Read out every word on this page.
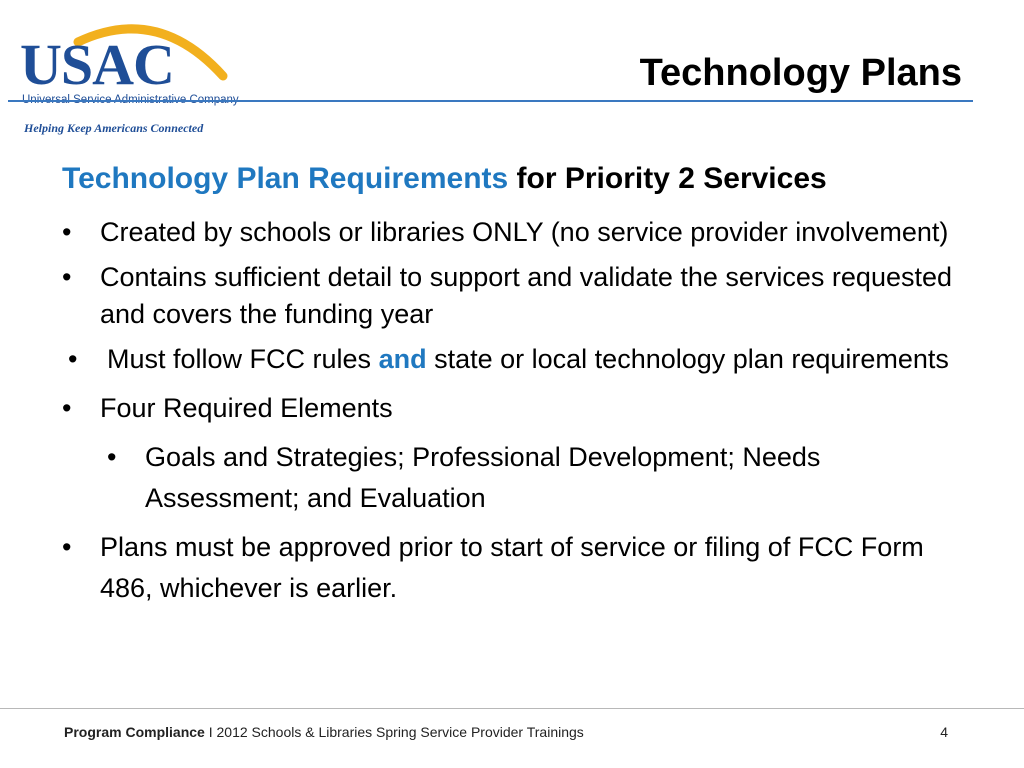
USAC
Helping Keep Americans Connected
Technology Plans
Technology Plan Requirements for Priority 2 Services
• Created by schools or libraries ONLY (no service provider involvement)
• Contains sufficient detail to support and validate the services requested and covers the funding year
• Must follow FCC rules and state or local technology plan requirements
• Four Required Elements
• Goals and Strategies; Professional Development; Needs Assessment; and Evaluation
• Plans must be approved prior to start of service or filing of FCC Form 486, whichever is earlier.
Program Compliance I 2012 Schools & Libraries Spring Service Provider Trainings	4
